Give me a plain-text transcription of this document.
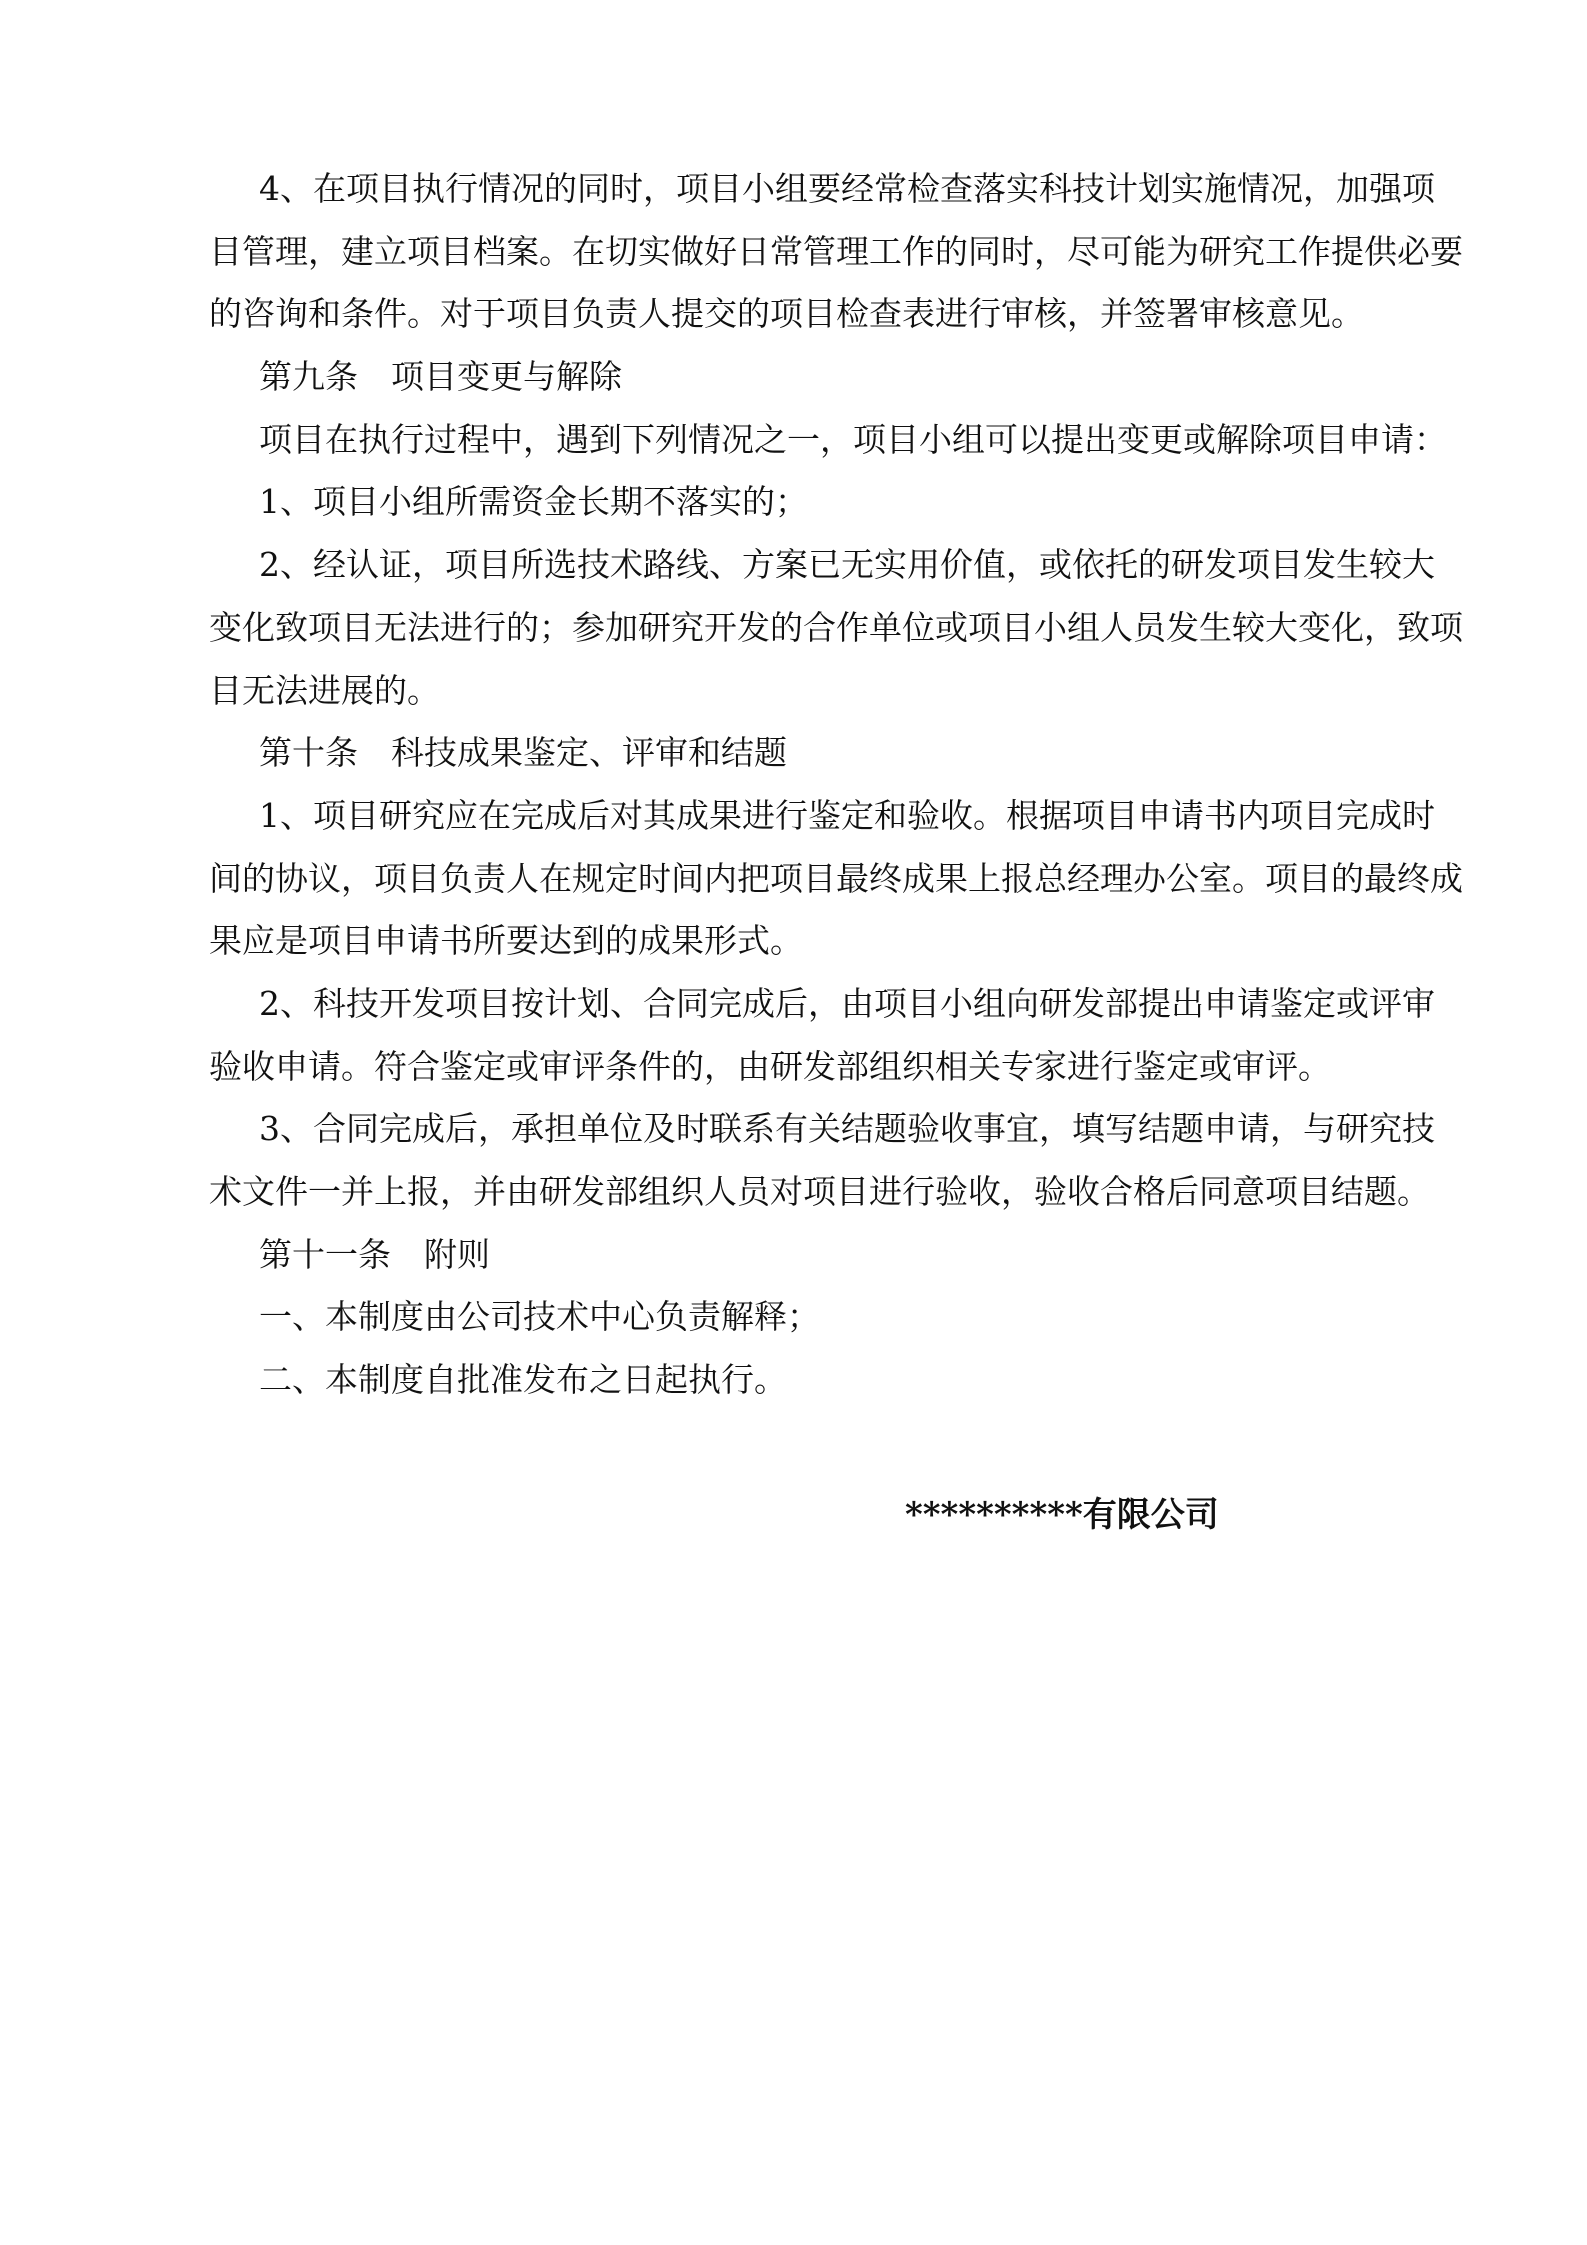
4、在项目执行情况的同时，项目小组要经常检查落实科技计划实施情况，加强项
目管理，建立项目档案。在切实做好日常管理工作的同时，尽可能为研究工作提供必要
的咨询和条件。对于项目负责人提交的项目检查表进行审核，并签署审核意见。
第九条　项目变更与解除
项目在执行过程中，遇到下列情况之一，项目小组可以提出变更或解除项目申请：
1、项目小组所需资金长期不落实的；
2、经认证，项目所选技术路线、方案已无实用价值，或依托的研发项目发生较大
变化致项目无法进行的；参加研究开发的合作单位或项目小组人员发生较大变化，致项
目无法进展的。
第十条　科技成果鉴定、评审和结题
1、项目研究应在完成后对其成果进行鉴定和验收。根据项目申请书内项目完成时
间的协议，项目负责人在规定时间内把项目最终成果上报总经理办公室。项目的最终成
果应是项目申请书所要达到的成果形式。
2、科技开发项目按计划、合同完成后，由项目小组向研发部提出申请鉴定或评审
验收申请。符合鉴定或审评条件的，由研发部组织相关专家进行鉴定或审评。
3、合同完成后，承担单位及时联系有关结题验收事宜，填写结题申请，与研究技
术文件一并上报，并由研发部组织人员对项目进行验收，验收合格后同意项目结题。
第十一条　附则
一、本制度由公司技术中心负责解释；
二、本制度自批准发布之日起执行。
**********有限公司
